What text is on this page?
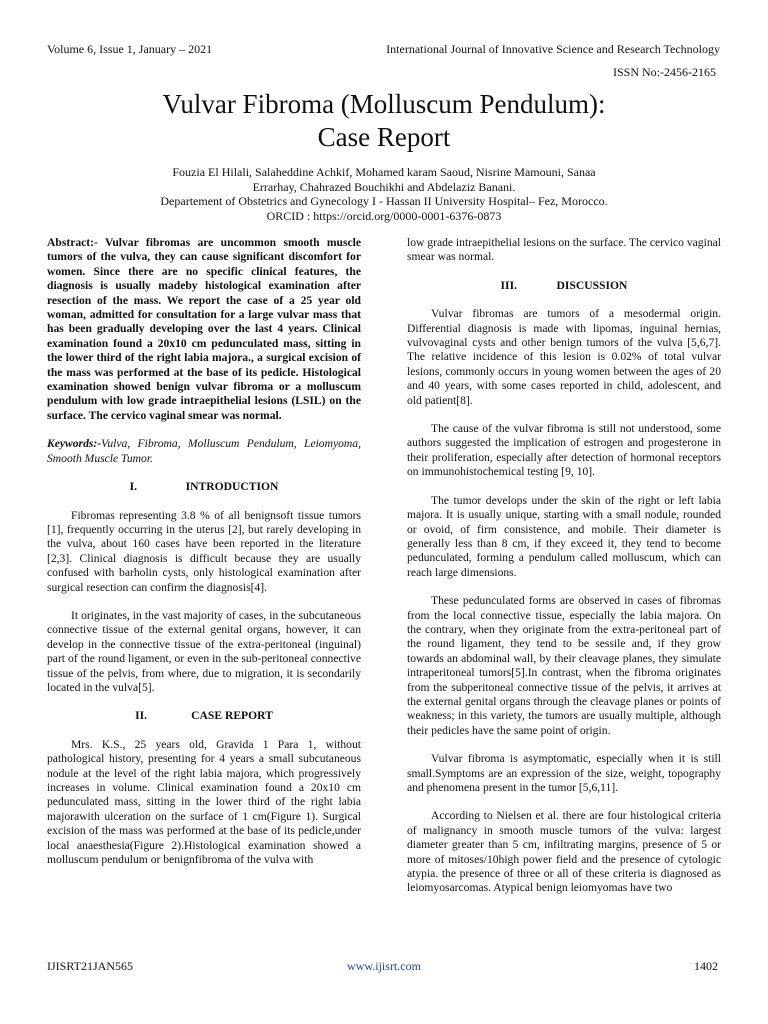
Volume 6, Issue 1, January – 2021	International Journal of Innovative Science and Research Technology
ISSN No:-2456-2165
Vulvar Fibroma (Molluscum Pendulum):
Case Report
Fouzia El Hilali, Salaheddine Achkif, Mohamed karam Saoud, Nisrine Mamouni, Sanaa
Errarhay, Chahrazed Bouchikhi and Abdelaziz Banani.
Departement of Obstetrics and Gynecology I - Hassan II University Hospital– Fez, Morocco.
ORCID : https://orcid.org/0000-0001-6376-0873

Abstract:- Vulvar fibromas are uncommon smooth muscle tumors of the vulva, they can cause significant discomfort for women. Since there are no specific clinical features, the diagnosis is usually madeby histological examination after resection of the mass. We report the case of a 25 year old woman, admitted for consultation for a large vulvar mass that has been gradually developing over the last 4 years. Clinical examination found a 20x10 cm pedunculated mass, sitting in the lower third of the right labia majora., a surgical excision of the mass was performed at the base of its pedicle. Histological examination showed benign vulvar fibroma or a molluscum pendulum with low grade intraepithelial lesions (LSIL) on the surface. The cervico vaginal smear was normal.

Keywords:-Vulva, Fibroma, Molluscum Pendulum, Leiomyoma, Smooth Muscle Tumor.

I.	INTRODUCTION

Fibromas representing 3.8 % of all benignsoft tissue tumors [1], frequently occurring in the uterus [2], but rarely developing in the vulva, about 160 cases have been reported in the literature [2,3]. Clinical diagnosis is difficult because they are usually confused with barholin cysts, only histological examination after surgical resection can confirm the diagnosis[4].

It originates, in the vast majority of cases, in the subcutaneous connective tissue of the external genital organs, however, it can develop in the connective tissue of the extra-peritoneal (inguinal) part of the round ligament, or even in the sub-peritoneal connective tissue of the pelvis, from where, due to migration, it is secondarily located in the vulva[5].

II.	CASE REPORT

Mrs. K.S., 25 years old, Gravida 1 Para 1, without pathological history, presenting for 4 years a small subcutaneous nodule at the level of the right labia majora, which progressively increases in volume. Clinical examination found a 20x10 cm pedunculated mass, sitting in the lower third of the right labia majorawith ulceration on the surface of 1 cm(Figure 1). Surgical excision of the mass was performed at the base of its pedicle,under local anaesthesia(Figure 2).Histological examination showed a molluscum pendulum or benignfibroma of the vulva with

low grade intraepithelial lesions on the surface. The cervico vaginal smear was normal.

III.	DISCUSSION

Vulvar fibromas are tumors of a mesodermal origin. Differential diagnosis is made with lipomas, inguinal hernias, vulvovaginal cysts and other benign tumors of the vulva [5,6,7]. The relative incidence of this lesion is 0.02% of total vulvar lesions, commonly occurs in young women between the ages of 20 and 40 years, with some cases reported in child, adolescent, and old patient[8].

The cause of the vulvar fibroma is still not understood, some authors suggested the implication of estrogen and progesterone in their proliferation, especially after detection of hormonal receptors on immunohistochemical testing [9, 10].

The tumor develops under the skin of the right or left labia majora. It is usually unique, starting with a small nodule, rounded or ovoid, of firm consistence, and mobile. Their diameter is generally less than 8 cm, if they exceed it, they tend to become pedunculated, forming a pendulum called molluscum, which can reach large dimensions.

These pedunculated forms are observed in cases of fibromas from the local connective tissue, especially the labia majora. On the contrary, when they originate from the extra-peritoneal part of the round ligament, they tend to be sessile and, if they grow towards an abdominal wall, by their cleavage planes, they simulate intraperitoneal tumors[5].In contrast, when the fibroma originates from the subperitoneal connective tissue of the pelvis, it arrives at the external genital organs through the cleavage planes or points of weakness; in this variety, the tumors are usually multiple, although their pedicles have the same point of origin.

Vulvar fibroma is asymptomatic, especially when it is still small.Symptoms are an expression of the size, weight, topography and phenomena present in the tumor [5,6,11].

According to Nielsen et al. there are four histological criteria of malignancy in smooth muscle tumors of the vulva: largest diameter greater than 5 cm, infiltrating margins, presence of 5 or more of mitoses/10high power field and the presence of cytologic atypia. the presence of three or all of these criteria is diagnosed as leiomyosarcomas. Atypical benign leiomyomas have two

IJISRT21JAN565	www.ijisrt.com	1402
